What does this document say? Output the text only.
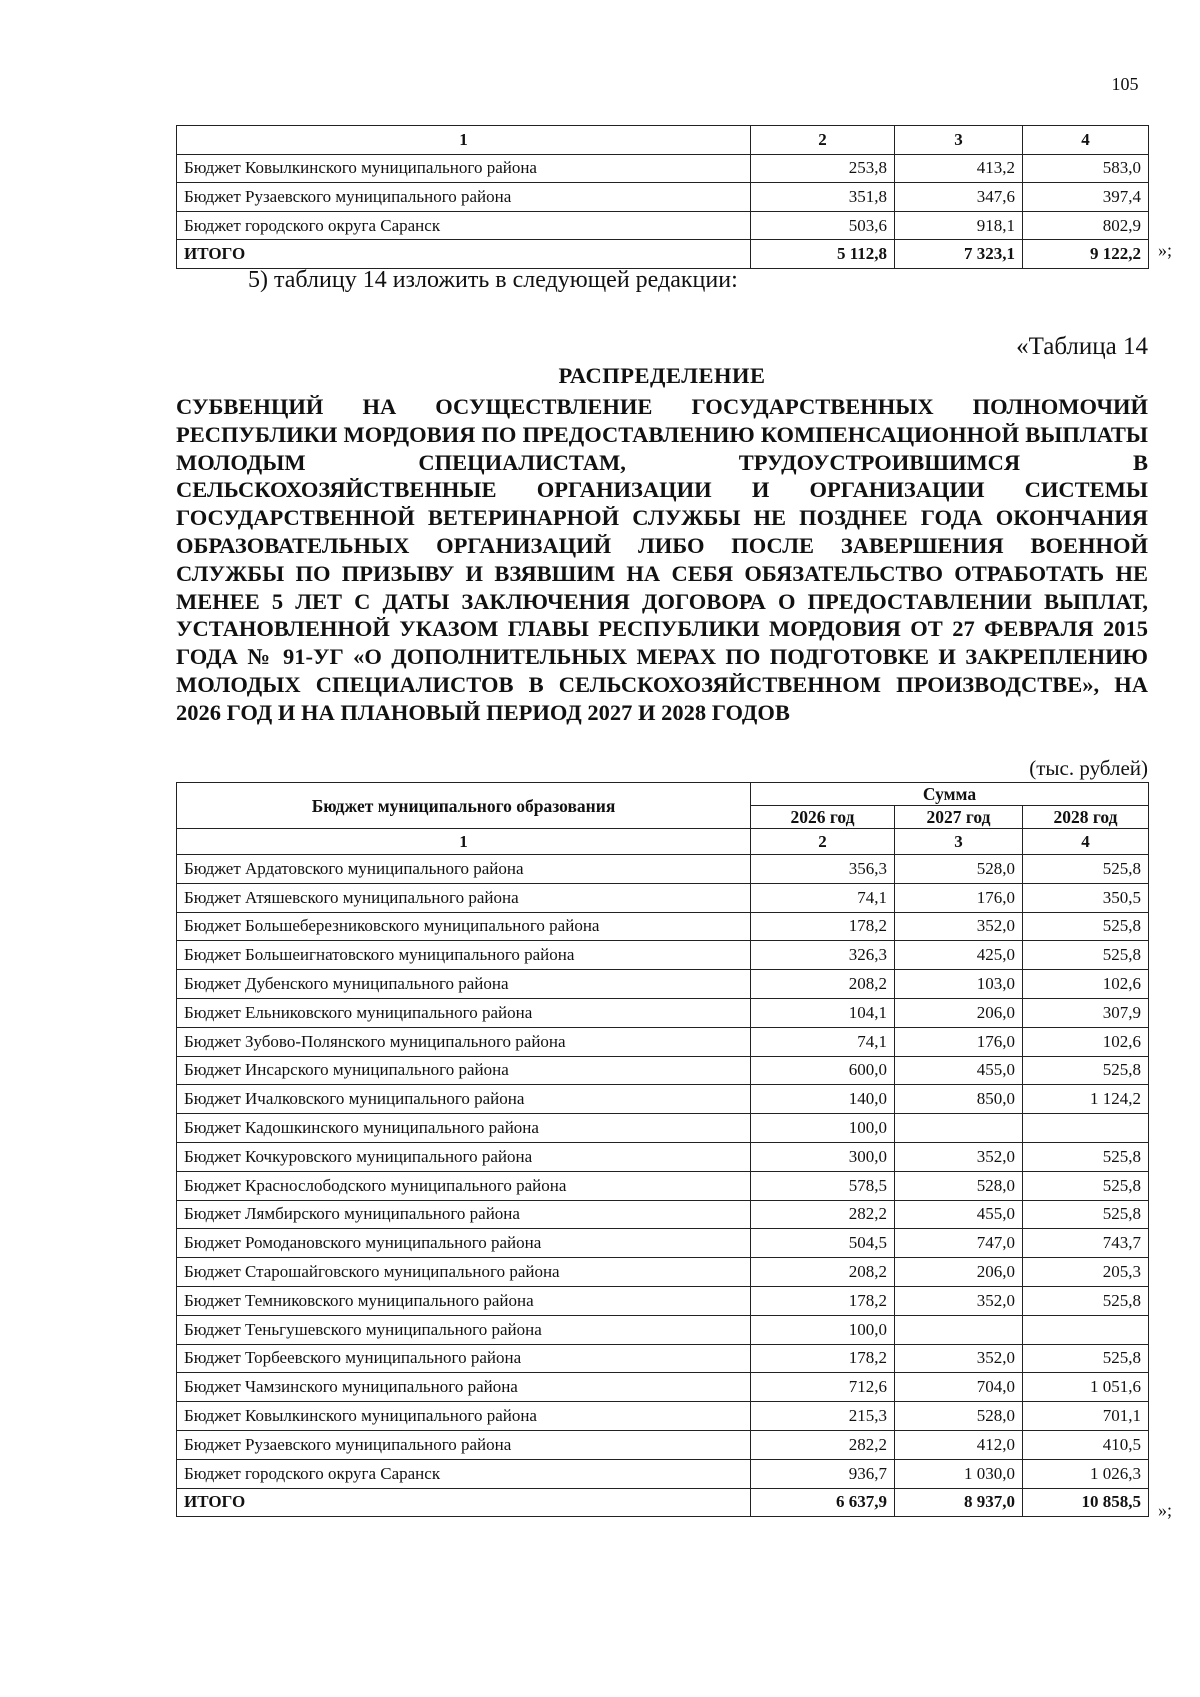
105
1	2	3	4
Бюджет Ковылкинского муниципального района	253,8	413,2	583,0
Бюджет Рузаевского муниципального района	351,8	347,6	397,4
Бюджет городского округа Саранск	503,6	918,1	802,9
ИТОГО	5 112,8	7 323,1	9 122,2 »;
5) таблицу 14 изложить в следующей редакции:
«Таблица 14
РАСПРЕДЕЛЕНИЕ
СУБВЕНЦИЙ НА ОСУЩЕСТВЛЕНИЕ ГОСУДАРСТВЕННЫХ ПОЛНОМОЧИЙ РЕСПУБЛИКИ МОРДОВИЯ ПО ПРЕДОСТАВЛЕНИЮ КОМПЕНСАЦИОННОЙ ВЫПЛАТЫ МОЛОДЫМ СПЕЦИАЛИСТАМ, ТРУДОУСТРОИВШИМСЯ В СЕЛЬСКОХОЗЯЙСТВЕННЫЕ ОРГАНИЗАЦИИ И ОРГАНИЗАЦИИ СИСТЕМЫ ГОСУДАРСТВЕННОЙ ВЕТЕРИНАРНОЙ СЛУЖБЫ НЕ ПОЗДНЕЕ ГОДА ОКОНЧАНИЯ ОБРАЗОВАТЕЛЬНЫХ ОРГАНИЗАЦИЙ ЛИБО ПОСЛЕ ЗАВЕРШЕНИЯ ВОЕННОЙ СЛУЖБЫ ПО ПРИЗЫВУ И ВЗЯВШИМ НА СЕБЯ ОБЯЗАТЕЛЬСТВО ОТРАБОТАТЬ НЕ МЕНЕЕ 5 ЛЕТ С ДАТЫ ЗАКЛЮЧЕНИЯ ДОГОВОРА О ПРЕДОСТАВЛЕНИИ ВЫПЛАТ, УСТАНОВЛЕННОЙ УКАЗОМ ГЛАВЫ РЕСПУБЛИКИ МОРДОВИЯ ОТ 27 ФЕВРАЛЯ 2015 ГОДА № 91-УГ «О ДОПОЛНИТЕЛЬНЫХ МЕРАХ ПО ПОДГОТОВКЕ И ЗАКРЕПЛЕНИЮ МОЛОДЫХ СПЕЦИАЛИСТОВ В СЕЛЬСКОХОЗЯЙСТВЕННОМ ПРОИЗВОДСТВЕ», НА 2026 ГОД И НА ПЛАНОВЫЙ ПЕРИОД 2027 И 2028 ГОДОВ
(тыс. рублей)
Бюджет муниципального образования	Сумма		
	2026 год	2027 год	2028 год
1	2	3	4
Бюджет Ардатовского муниципального района	356,3	528,0	525,8
Бюджет Атяшевского муниципального района	74,1	176,0	350,5
Бюджет Большеберезниковского муниципального района	178,2	352,0	525,8
Бюджет Большеигнатовского муниципального района	326,3	425,0	525,8
Бюджет Дубенского муниципального района	208,2	103,0	102,6
Бюджет Ельниковского муниципального района	104,1	206,0	307,9
Бюджет Зубово-Полянского муниципального района	74,1	176,0	102,6
Бюджет Инсарского муниципального района	600,0	455,0	525,8
Бюджет Ичалковского муниципального района	140,0	850,0	1 124,2
Бюджет Кадошкинского муниципального района	100,0		
Бюджет Кочкуровского муниципального района	300,0	352,0	525,8
Бюджет Краснослободского муниципального района	578,5	528,0	525,8
Бюджет Лямбирского муниципального района	282,2	455,0	525,8
Бюджет Ромодановского муниципального района	504,5	747,0	743,7
Бюджет Старошайговского муниципального района	208,2	206,0	205,3
Бюджет Темниковского муниципального района	178,2	352,0	525,8
Бюджет Теньгушевского муниципального района	100,0		
Бюджет Торбеевского муниципального района	178,2	352,0	525,8
Бюджет Чамзинского муниципального района	712,6	704,0	1 051,6
Бюджет Ковылкинского муниципального района	215,3	528,0	701,1
Бюджет Рузаевского муниципального района	282,2	412,0	410,5
Бюджет городского округа Саранск	936,7	1 030,0	1 026,3
ИТОГО	6 637,9	8 937,0	10 858,5 »;
